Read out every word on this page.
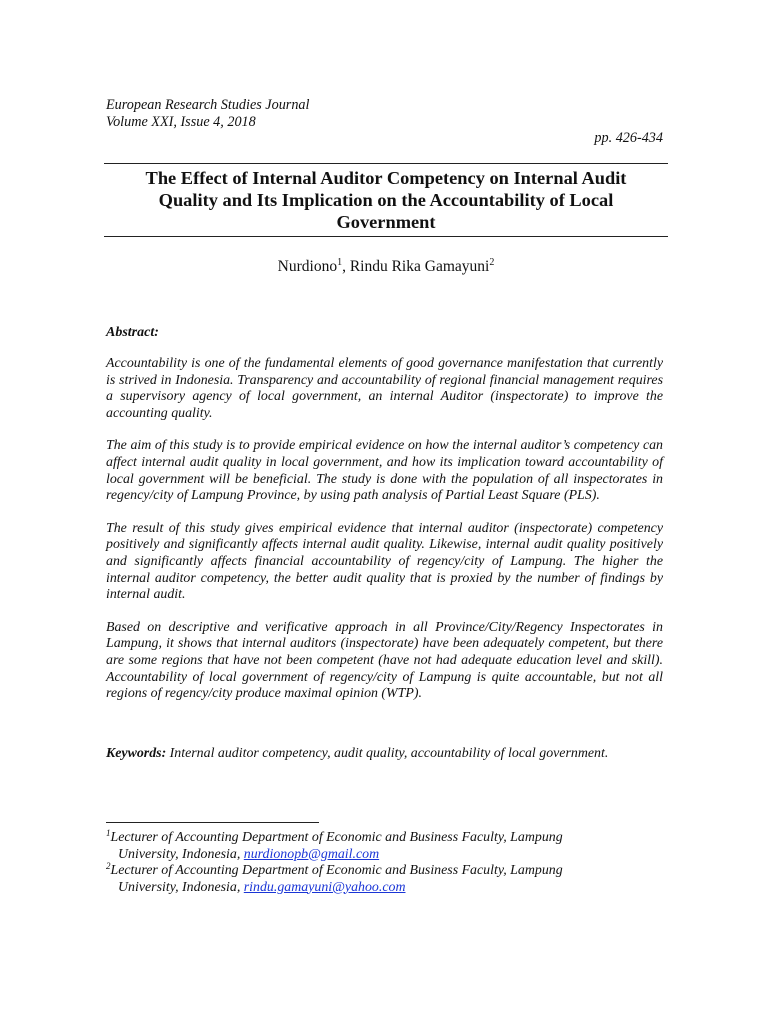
European Research Studies Journal
Volume XXI, Issue 4, 2018
pp. 426-434
The Effect of Internal Auditor Competency on Internal Audit
Quality and Its Implication on the Accountability of Local
Government
Nurdiono$^1$, Rindu Rika Gamayuni$^2$
Abstract:

Accountability is one of the fundamental elements of good governance manifestation that currently is strived in Indonesia. Transparency and accountability of regional financial management requires a supervisory agency of local government, an internal Auditor (inspectorate) to improve the accounting quality.

The aim of this study is to provide empirical evidence on how the internal auditor’s competency can affect internal audit quality in local government, and how its implication toward accountability of local government will be beneficial. The study is done with the population of all inspectorates in regency/city of Lampung Province, by using path analysis of Partial Least Square (PLS).

The result of this study gives empirical evidence that internal auditor (inspectorate) competency positively and significantly affects internal audit quality. Likewise, internal audit quality positively and significantly affects financial accountability of regency/city of Lampung. The higher the internal auditor competency, the better audit quality that is proxied by the number of findings by internal audit.

Based on descriptive and verificative approach in all Province/City/Regency Inspectorates in Lampung, it shows that internal auditors (inspectorate) have been adequately competent, but there are some regions that have not been competent (have not had adequate education level and skill). Accountability of local government of regency/city of Lampung is quite accountable, but not all regions of regency/city produce maximal opinion (WTP).

Keywords: Internal auditor competency, audit quality, accountability of local government.
$^1$Lecturer of Accounting Department of Economic and Business Faculty, Lampung
University, Indonesia, nurdionopb@gmail.com
$^2$Lecturer of Accounting Department of Economic and Business Faculty, Lampung
University, Indonesia, rindu.gamayuni@yahoo.com
